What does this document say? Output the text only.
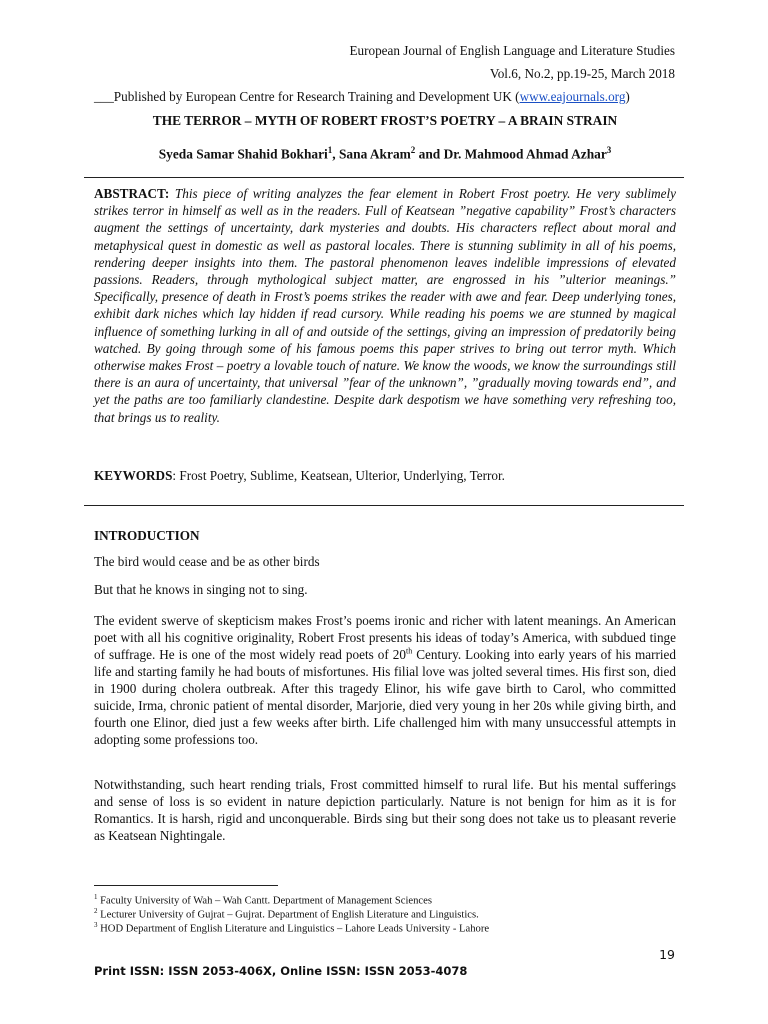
European Journal of English Language and Literature Studies
Vol.6, No.2, pp.19-25, March 2018
___Published by European Centre for Research Training and Development UK (www.eajournals.org)
THE TERROR – MYTH OF ROBERT FROST’S POETRY – A BRAIN STRAIN
Syeda Samar Shahid Bokhari$^1$, Sana Akram$^2$ and Dr. Mahmood Ahmad Azhar$^3$
ABSTRACT: This piece of writing analyzes the fear element in Robert Frost poetry. He very sublimely strikes terror in himself as well as in the readers. Full of Keatsean ”negative capability” Frost’s characters augment the settings of uncertainty, dark mysteries and doubts. His characters reflect about moral and metaphysical quest in domestic as well as pastoral locales. There is stunning sublimity in all of his poems, rendering deeper insights into them. The pastoral phenomenon leaves indelible impressions of elevated passions. Readers, through mythological subject matter, are engrossed in his ”ulterior meanings.” Specifically, presence of death in Frost’s poems strikes the reader with awe and fear. Deep underlying tones, exhibit dark niches which lay hidden if read cursory. While reading his poems we are stunned by magical influence of something lurking in all of and outside of the settings, giving an impression of predatorily being watched. By going through some of his famous poems this paper strives to bring out terror myth. Which otherwise makes Frost – poetry a lovable touch of nature. We know the woods, we know the surroundings still there is an aura of uncertainty, that universal ”fear of the unknown”, ”gradually moving towards end”, and yet the paths are too familiarly clandestine. Despite dark despotism we have something very refreshing too, that brings us to reality.
KEYWORDS: Frost Poetry, Sublime, Keatsean, Ulterior, Underlying, Terror.
INTRODUCTION
The bird would cease and be as other birds
But that he knows in singing not to sing.
The evident swerve of skepticism makes Frost’s poems ironic and richer with latent meanings. An American poet with all his cognitive originality, Robert Frost presents his ideas of today’s America, with subdued tinge of suffrage. He is one of the most widely read poets of 20th Century. Looking into early years of his married life and starting family he had bouts of misfortunes. His filial love was jolted several times. His first son, died in 1900 during cholera outbreak. After this tragedy Elinor, his wife gave birth to Carol, who committed suicide, Irma, chronic patient of mental disorder, Marjorie, died very young in her 20s while giving birth, and fourth one Elinor, died just a few weeks after birth. Life challenged him with many unsuccessful attempts in adopting some professions too.
Notwithstanding, such heart rending trials, Frost committed himself to rural life. But his mental sufferings and sense of loss is so evident in nature depiction particularly. Nature is not benign for him as it is for Romantics. It is harsh, rigid and unconquerable. Birds sing but their song does not take us to pleasant reverie as Keatsean Nightingale.
$^1$ Faculty University of Wah – Wah Cantt. Department of Management Sciences
$^2$ Lecturer University of Gujrat – Gujrat. Department of English Literature and Linguistics.
$^3$ HOD Department of English Literature and Linguistics – Lahore Leads University - Lahore
19
Print ISSN: ISSN 2053-406X, Online ISSN: ISSN 2053-4078
